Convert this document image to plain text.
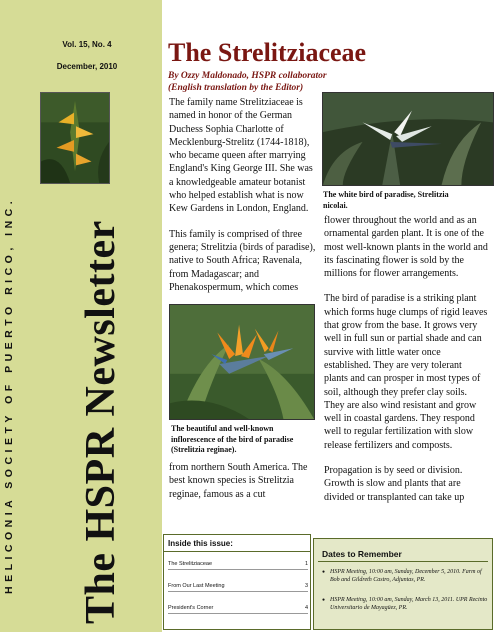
Vol. 15, No. 4
December, 2010
HELICONIA SOCIETY OF PUERTO RICO, INC. The HSPR Newsletter
The Strelitziaceae
By Ozzy Maldonado, HSPR collaborator
(English translation by the Editor)

The family name Strelitziaceae is named in honor of the German Duchess Sophia Charlotte of Mecklenburg-Strelitz (1744-1818), who became queen after marrying England's King George III. She was a knowledgeable amateur botanist who helped establish what is now Kew Gardens in London, England.

This family is comprised of three genera; Strelitzia (birds of paradise), native to South Africa; Ravenala, from Madagascar; and Phenakospermum, which comes

The beautiful and well-known inflorescence of the bird of paradise (Strelitzia reginae).

from northern South America. The best known species is Strelitzia reginae, famous as a cut

The white bird of paradise, Strelitzia nicolai.

flower throughout the world and as an ornamental garden plant. It is one of the most well-known plants in the world and its fascinating flower is sold by the millions for flower arrangements.

The bird of paradise is a striking plant which forms huge clumps of rigid leaves that grow from the base. It grows very well in full sun or partial shade and can survive with little water once established. They are very tolerant plants and can prosper in most types of soil, although they prefer clay soils. They are also wind resistant and grow well in coastal gardens. They respond well to regular fertilization with slow release fertilizers and composts.

Propagation is by seed or division. Growth is slow and plants that are divided or transplanted can take up

Inside this issue:
The Strelitziaceae	1
From Our Last Meeting	3
President's Corner	4
Dates to Remember
● HSPR Meeting, 10:00 am, Sunday, December 5, 2010. Farm of Bob and Gildreth Castro, Adjuntas, PR.
● HSPR Meeting, 10:00 am, Sunday, March 13, 2011. UPR Recinto Universitario de Mayagüez, PR.
